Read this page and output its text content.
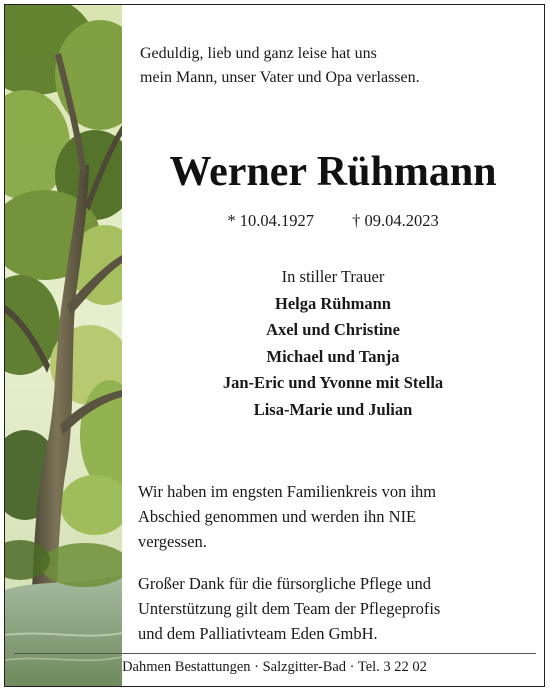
Geduldig, lieb und ganz leise hat uns
mein Mann, unser Vater und Opa verlassen.
Werner Rühmann
* 10.04.1927 † 09.04.2023
In stiller Trauer
Helga Rühmann
Axel und Christine
Michael und Tanja
Jan-Eric und Yvonne mit Stella
Lisa-Marie und Julian
Wir haben im engsten Familienkreis von ihm
Abschied genommen und werden ihn NIE
vergessen.
Großer Dank für die fürsorgliche Pflege und
Unterstützung gilt dem Team der Pflegeprofis
und dem Palliativteam Eden GmbH.
Dahmen Bestattungen · Salzgitter-Bad · Tel. 3 22 02
